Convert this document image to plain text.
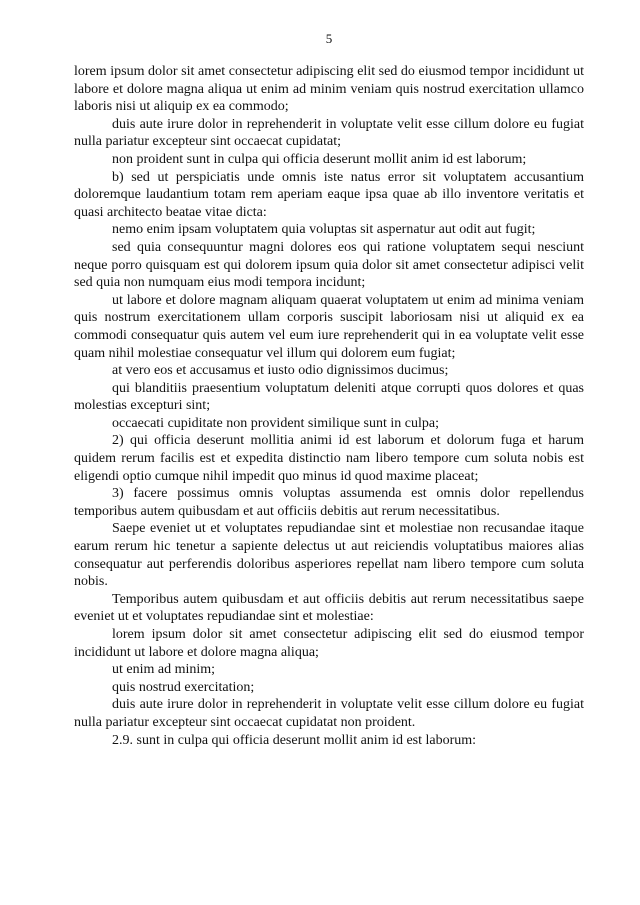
5

lorem ipsum dolor sit amet consectetur adipiscing elit sed do eiusmod tempor incididunt ut labore et dolore magna aliqua ut enim ad minim veniam quis nostrud exercitation ullamco laboris nisi ut aliquip ex ea commodo;

duis aute irure dolor in reprehenderit in voluptate velit esse cillum dolore eu fugiat nulla pariatur excepteur sint occaecat cupidatat;

non proident sunt in culpa qui officia deserunt mollit anim id est laborum;

b) sed ut perspiciatis unde omnis iste natus error sit voluptatem accusantium doloremque laudantium totam rem aperiam eaque ipsa quae ab illo inventore veritatis et quasi architecto beatae vitae dicta:

nemo enim ipsam voluptatem quia voluptas sit aspernatur aut odit aut fugit;

sed quia consequuntur magni dolores eos qui ratione voluptatem sequi nesciunt neque porro quisquam est qui dolorem ipsum quia dolor sit amet consectetur adipisci velit sed quia non numquam eius modi tempora incidunt;

ut labore et dolore magnam aliquam quaerat voluptatem ut enim ad minima veniam quis nostrum exercitationem ullam corporis suscipit laboriosam nisi ut aliquid ex ea commodi consequatur quis autem vel eum iure reprehenderit qui in ea voluptate velit esse quam nihil molestiae consequatur vel illum qui dolorem eum fugiat;

at vero eos et accusamus et iusto odio dignissimos ducimus;

qui blanditiis praesentium voluptatum deleniti atque corrupti quos dolores et quas molestias excepturi sint;

occaecati cupiditate non provident similique sunt in culpa;

2) qui officia deserunt mollitia animi id est laborum et dolorum fuga et harum quidem rerum facilis est et expedita distinctio nam libero tempore cum soluta nobis est eligendi optio cumque nihil impedit quo minus id quod maxime placeat;

3) facere possimus omnis voluptas assumenda est omnis dolor repellendus temporibus autem quibusdam et aut officiis debitis aut rerum necessitatibus.

Saepe eveniet ut et voluptates repudiandae sint et molestiae non recusandae itaque earum rerum hic tenetur a sapiente delectus ut aut reiciendis voluptatibus maiores alias consequatur aut perferendis doloribus asperiores repellat nam libero tempore cum soluta nobis.

Temporibus autem quibusdam et aut officiis debitis aut rerum necessitatibus saepe eveniet ut et voluptates repudiandae sint et molestiae:

lorem ipsum dolor sit amet consectetur adipiscing elit sed do eiusmod tempor incididunt ut labore et dolore magna aliqua;

ut enim ad minim;

quis nostrud exercitation;

duis aute irure dolor in reprehenderit in voluptate velit esse cillum dolore eu fugiat nulla pariatur excepteur sint occaecat cupidatat non proident.

2.9. sunt in culpa qui officia deserunt mollit anim id est laborum:
